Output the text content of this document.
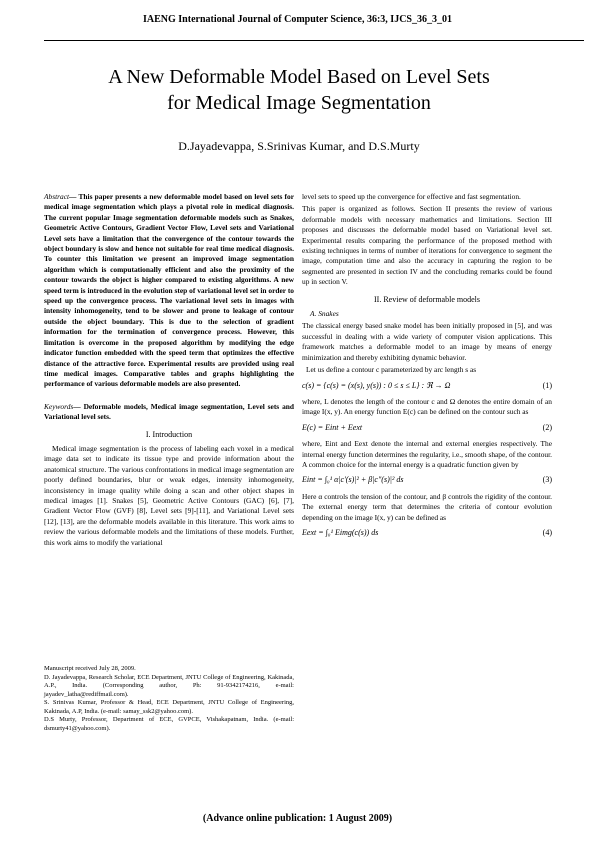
IAENG International Journal of Computer Science, 36:3, IJCS_36_3_01
A New Deformable Model Based on Level Sets
for Medical Image Segmentation
D.Jayadevappa, S.Srinivas Kumar, and D.S.Murty

Abstract— This paper presents a new deformable model based on level sets for medical image segmentation which plays a pivotal role in medical diagnosis. The current popular Image segmentation deformable models such as Snakes, Geometric Active Contours, Gradient Vector Flow, Level sets and Variational Level sets have a limitation that the convergence of the contour towards the object boundary is slow and hence not suitable for real time medical diagnosis. To counter this limitation we present an improved image segmentation algorithm which is computationally efficient and also the proximity of the contour towards the object is higher compared to existing algorithms. A new speed term is introduced in the evolution step of variational level set in order to speed up the convergence process. The variational level sets in images with intensity inhomogeneity, tend to be slower and prone to leakage of contour outside the object boundary. This is due to the selection of gradient information for the termination of convergence process. However, this limitation is overcome in the proposed algorithm by modifying the edge indicator function embedded with the speed term that optimizes the effective distance of the attractive force. Experimental results are provided using real time medical images. Comparative tables and graphs highlighting the performance of various deformable models are also presented.

Keywords— Deformable models, Medical image segmentation, Level sets and Variational level sets.

I. Introduction

Medical image segmentation is the process of labeling each voxel in a medical image data set to indicate its tissue type and provide information about the anatomical structure. The various confrontations in medical image segmentation are poorly defined boundaries, blur or weak edges, intensity inhomogeneity, inconsistency in image quality while doing a scan and other object shapes in medical images [1]. Snakes [5], Geometric Active Contours (GAC) [6], [7], Gradient Vector Flow (GVF) [8], Level sets [9]-[11], and Variational Level sets [12], [13], are the deformable models available in this literature. This work aims to review the various deformable models and the limitations of these models. Further, this work aims to modify the variational

Manuscript received July 28, 2009.
D. Jayadevappa, Research Scholar, ECE Department, JNTU College of Engineering, Kakinada, A.P., India. (Corresponding author, Ph: 91-9342174216, e-mail: jayadev_latha@rediffmail.com).
S. Srinivas Kumar, Professor & Head, ECE Department, JNTU College of Engineering, Kakinada, A.P, India. (e-mail: samay_ssk2@yahoo.com).
D.S Murty, Professor, Department of ECE, GVPCE, Vishakapatnam, India. (e-mail: dsmurty41@yahoo.com).

level sets to speed up the convergence for effective and fast segmentation.

This paper is organized as follows. Section II presents the review of various deformable models with necessary mathematics and limitations. Section III proposes and discusses the deformable model based on Variational level set. Experimental results comparing the performance of the proposed method with existing techniques in terms of number of iterations for convergence to segment the image, computation time and also the accuracy in capturing the region to be segmented are presented in section IV and the concluding remarks could be found up in section V.

II. Review of deformable models
A. Snakes

The classical energy based snake model has been initially proposed in [5], and was successful in dealing with a wide variety of computer vision applications. This framework matches a deformable model to an image by means of energy minimization and thereby exhibiting dynamic behavior.

Let us define a contour c parameterized by arc length s as

c(s) = {c(s) = (x(s), y(s)) : 0 ≤ s ≤ L} : ℜ → Ω	(1)

where, L denotes the length of the contour c and Ω denotes the entire domain of an image I(x, y). An energy function E(c) can be defined on the contour such as

E(c) = Eint + Eext	(2)

where, Eint and Eext denote the internal and external energies respectively. The internal energy function determines the regularity, i.e., smooth shape, of the contour. A common choice for the internal energy is a quadratic function given by

Eint = ∫₀¹ α|c′(s)|² + β|c″(s)|² ds	(3)

Here α controls the tension of the contour, and β controls the rigidity of the contour. The external energy term that determines the criteria of contour evolution depending on the image I(x, y) can be defined as

Eext = ∫₀¹ Eimg(c(s)) ds	(4)
(Advance online publication: 1 August 2009)
